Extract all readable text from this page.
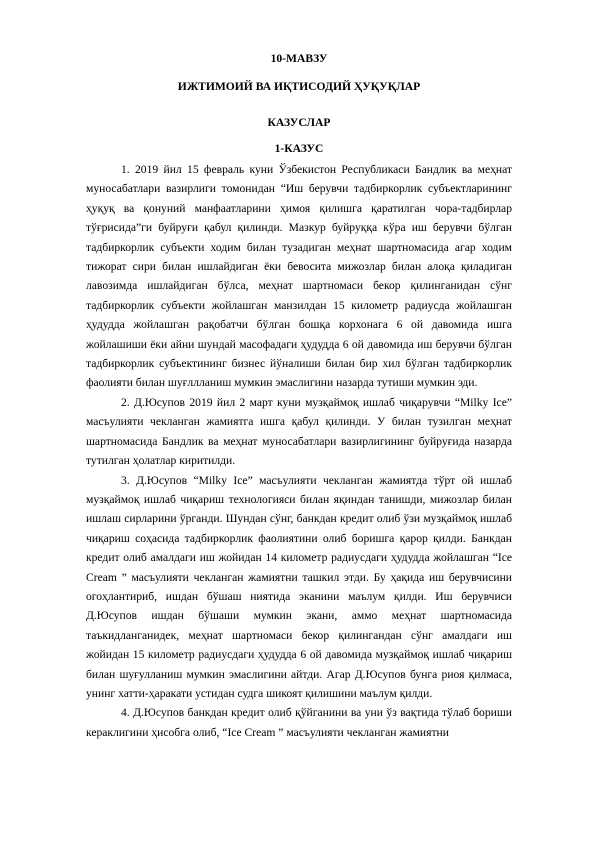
10-МАВЗУ

ИЖТИМОИЙ ВА ИҚТИСОДИЙ ҲУҚУҚЛАР

КАЗУСЛАР

1-КАЗУС

1. 2019 йил 15 февраль куни Ўзбекистон Республикаси Бандлик ва меҳнат муносабатлари вазирлиги томонидан “Иш берувчи тадбиркорлик субъектларининг ҳуқуқ ва қонуний манфаатларини ҳимоя қилишга қаратилган чора-тадбирлар тўғрисида”ги буйруғи қабул қилинди. Мазкур буйруққа кўра иш берувчи бўлган тадбиркорлик субъекти ходим билан тузадиган меҳнат шартномасида агар ходим тижорат сири билан ишлайдиган ёки бевосита мижозлар билан алоқа қиладиган лавозимда ишлайдиган бўлса, меҳнат шартномаси бекор қилинганидан сўнг тадбиркорлик субъекти жойлашган манзилдан 15 километр радиусда жойлашган ҳудудда жойлашган рақобатчи бўлган бошқа корхонага 6 ой давомида ишга жойлашиши ёки айни шундай масофадаги ҳудудда 6 ой давомида иш берувчи бўлган тадбиркорлик субъектининг бизнес йўналиши билан бир хил бўлган тадбиркорлик фаолияти билан шуғллланиш мумкин эмаслигини назарда тутиши мумкин эди.

2. Д.Юсупов 2019 йил 2 март куни музқаймоқ ишлаб чиқарувчи “Milky Ice” масъулияти чекланган жамиятга ишга қабул қилинди. У билан тузилган меҳнат шартномасида Бандлик ва меҳнат муносабатлари вазирлигининг буйруғида назарда тутилган ҳолатлар киритилди.

3. Д.Юсупов “Milky Ice” масъулияти чекланган жамиятда тўрт ой ишлаб музқаймоқ ишлаб чиқариш технологияси билан яқиндан танишди, мижозлар билан ишлаш сирларини ўрганди. Шундан сўнг, банкдан кредит олиб ўзи музқаймоқ ишлаб чиқариш соҳасида тадбиркорлик фаолиятини олиб боришга қарор қилди. Банкдан кредит олиб амалдаги иш жойидан 14 километр радиусдаги ҳудудда жойлашган “Ice Cream ” масъулияти чекланган жамиятни ташкил этди. Бу ҳақида иш берувчисини огоҳлантириб, ишдан бўшаш ниятида эканини маълум қилди. Иш берувчиси Д.Юсупов ишдан бўшаши мумкин экани, аммо меҳнат шартномасида таъкидланганидек, меҳнат шартномаси бекор қилингандан сўнг амалдаги иш жойидан 15 километр радиусдаги ҳудудда 6 ой давомида музқаймоқ ишлаб чиқариш билан шуғулланиш мумкин эмаслигини айтди. Агар Д.Юсупов бунга риоя қилмаса, унинг хатти-ҳаракати устидан судга шикоят қилишини маълум қилди.

4. Д.Юсупов банкдан кредит олиб қўйганини ва уни ўз вақтида тўлаб бориши кераклигини ҳисобга олиб, “Ice Cream ” масъулияти чекланган жамиятни
